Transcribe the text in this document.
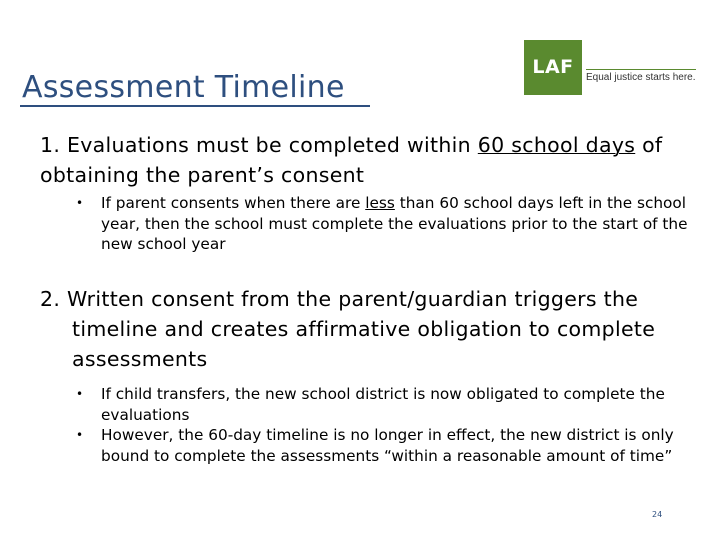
Assessment Timeline
LAF	Equal justice starts here.

1. Evaluations must be completed within 60 school days of obtaining the parent’s consent

• If parent consents when there are less than 60 school days left in the school year, then the school must complete the evaluations prior to the start of the new school year

2. Written consent from the parent/guardian triggers the timeline and creates affirmative obligation to complete assessments

• If child transfers, the new school district is now obligated to complete the evaluations
• However, the 60-day timeline is no longer in effect, the new district is only bound to complete the assessments “within a reasonable amount of time”
24
